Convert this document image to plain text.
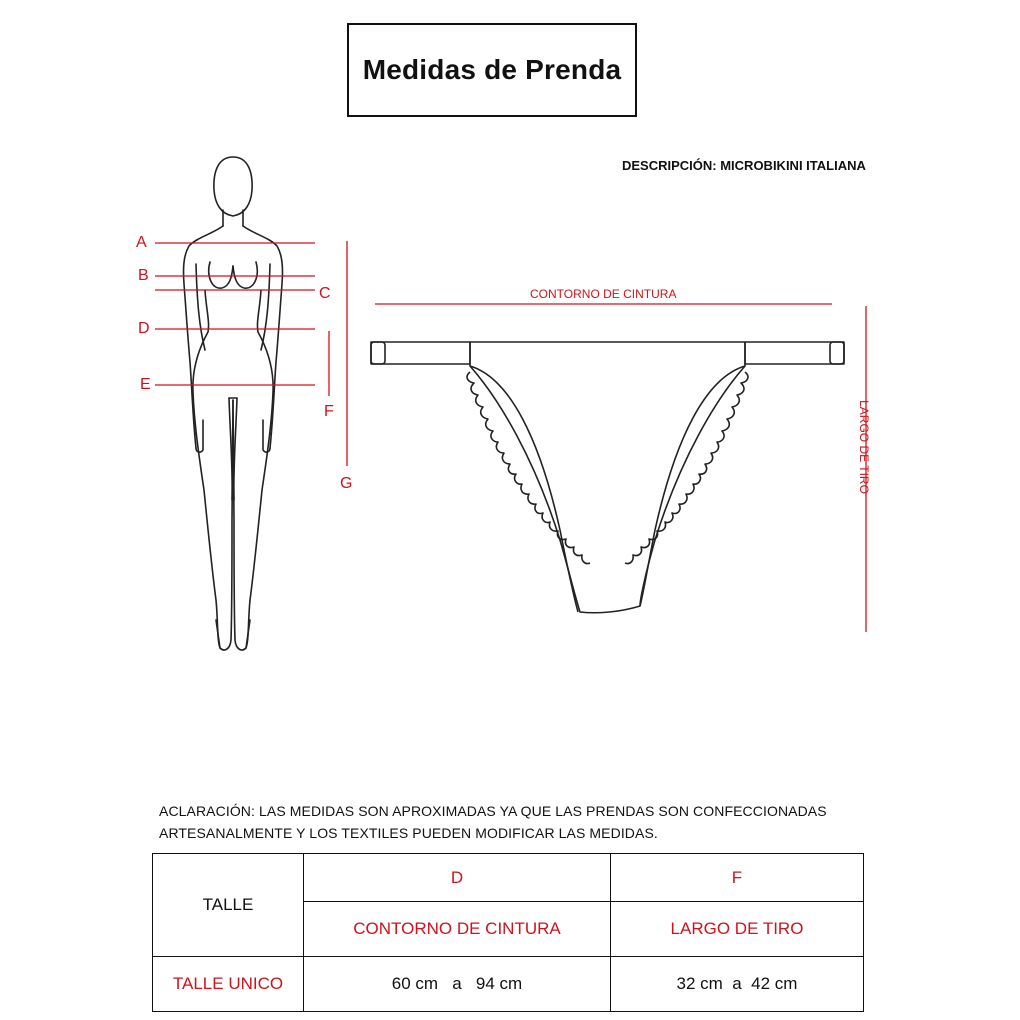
Medidas de Prenda
DESCRIPCIÓN: MICROBIKINI ITALIANA
A
B
C
D
E
F
G
CONTORNO DE CINTURA
LARGO DE TIRO
ACLARACIÓN: LAS MEDIDAS SON APROXIMADAS YA QUE LAS PRENDAS SON CONFECCIONADAS ARTESANALMENTE Y LOS TEXTILES PUEDEN MODIFICAR LAS MEDIDAS.
TALLE	D	F
	CONTORNO DE CINTURA	LARGO DE TIRO
TALLE UNICO	60 cm   a   94 cm	32 cm  a  42 cm
